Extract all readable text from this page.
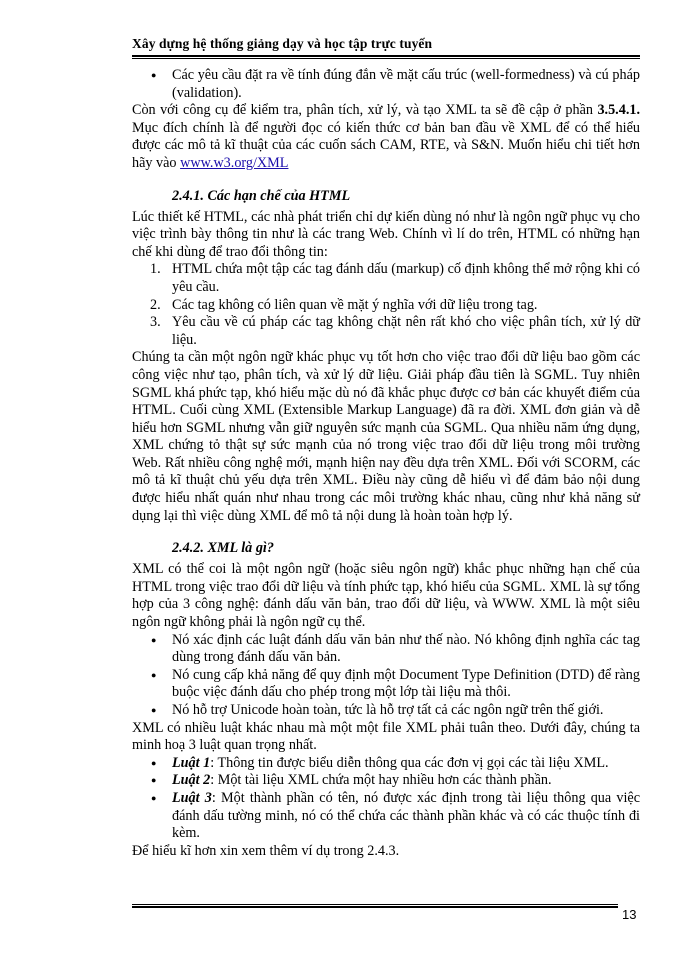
Xây dựng hệ thống giảng dạy và học tập trực tuyến
● Các yêu cầu đặt ra về tính đúng đắn về mặt cấu trúc (well-formedness) và cú pháp (validation).

Còn với công cụ để kiểm tra, phân tích, xử lý, và tạo XML ta sẽ đề cập ở phần 3.5.4.1. Mục đích chính là để người đọc có kiến thức cơ bản ban đầu về XML để có thể hiểu được các mô tả kĩ thuật của các cuốn sách CAM, RTE, và S&N. Muốn hiểu chi tiết hơn hãy vào www.w3.org/XML

2.4.1. Các hạn chế của HTML

Lúc thiết kế HTML, các nhà phát triển chỉ dự kiến dùng nó như là ngôn ngữ phục vụ cho việc trình bày thông tin như là các trang Web. Chính vì lí do trên, HTML có những hạn chế khi dùng để trao đổi thông tin:

1. HTML chứa một tập các tag đánh dấu (markup) cố định không thể mở rộng khi có yêu cầu.
2. Các tag không có liên quan về mặt ý nghĩa với dữ liệu trong tag.
3. Yêu cầu về cú pháp các tag không chặt nên rất khó cho việc phân tích, xử lý dữ liệu.

Chúng ta cần một ngôn ngữ khác phục vụ tốt hơn cho việc trao đổi dữ liệu bao gồm các công việc như tạo, phân tích, và xử lý dữ liệu. Giải pháp đầu tiên là SGML. Tuy nhiên SGML khá phức tạp, khó hiểu mặc dù nó đã khắc phục được cơ bản các khuyết điểm của HTML. Cuối cùng XML (Extensible Markup Language) đã ra đời. XML đơn giản và dễ hiểu hơn SGML nhưng vẫn giữ nguyên sức mạnh của SGML. Qua nhiều năm ứng dụng, XML chứng tỏ thật sự sức mạnh của nó trong việc trao đổi dữ liệu trong môi trường Web. Rất nhiều công nghệ mới, mạnh hiện nay đều dựa trên XML. Đối với SCORM, các mô tả kĩ thuật chủ yếu dựa trên XML. Điều này cũng dễ hiểu vì để đảm bảo nội dung được hiểu nhất quán như nhau trong các môi trường khác nhau, cũng như khả năng sử dụng lại thì việc dùng XML để mô tả nội dung là hoàn toàn hợp lý.

2.4.2. XML là gì?

XML có thể coi là một ngôn ngữ (hoặc siêu ngôn ngữ) khắc phục những hạn chế của HTML trong việc trao đổi dữ liệu và tính phức tạp, khó hiểu của SGML. XML là sự tổng hợp của 3 công nghệ: đánh dấu văn bản, trao đổi dữ liệu, và WWW. XML là một siêu ngôn ngữ không phải là ngôn ngữ cụ thể.

● Nó xác định các luật đánh dấu văn bản như thế nào. Nó không định nghĩa các tag dùng trong đánh dấu văn bản.
● Nó cung cấp khả năng để quy định một Document Type Definition (DTD) để ràng buộc việc đánh dấu cho phép trong một lớp tài liệu mà thôi.
● Nó hỗ trợ Unicode hoàn toàn, tức là hỗ trợ tất cả các ngôn ngữ trên thế giới.

XML có nhiều luật khác nhau mà một một file XML phải tuân theo. Dưới đây, chúng ta minh hoạ 3 luật quan trọng nhất.

● Luật 1: Thông tin được biểu diễn thông qua các đơn vị gọi các tài liệu XML.
● Luật 2: Một tài liệu XML chứa một hay nhiều hơn các thành phần.
● Luật 3: Một thành phần có tên, nó được xác định trong tài liệu thông qua việc đánh dấu tường minh, nó có thể chứa các thành phần khác và có các thuộc tính đi kèm.

Để hiểu kĩ hơn xin xem thêm ví dụ trong 2.4.3.

13
